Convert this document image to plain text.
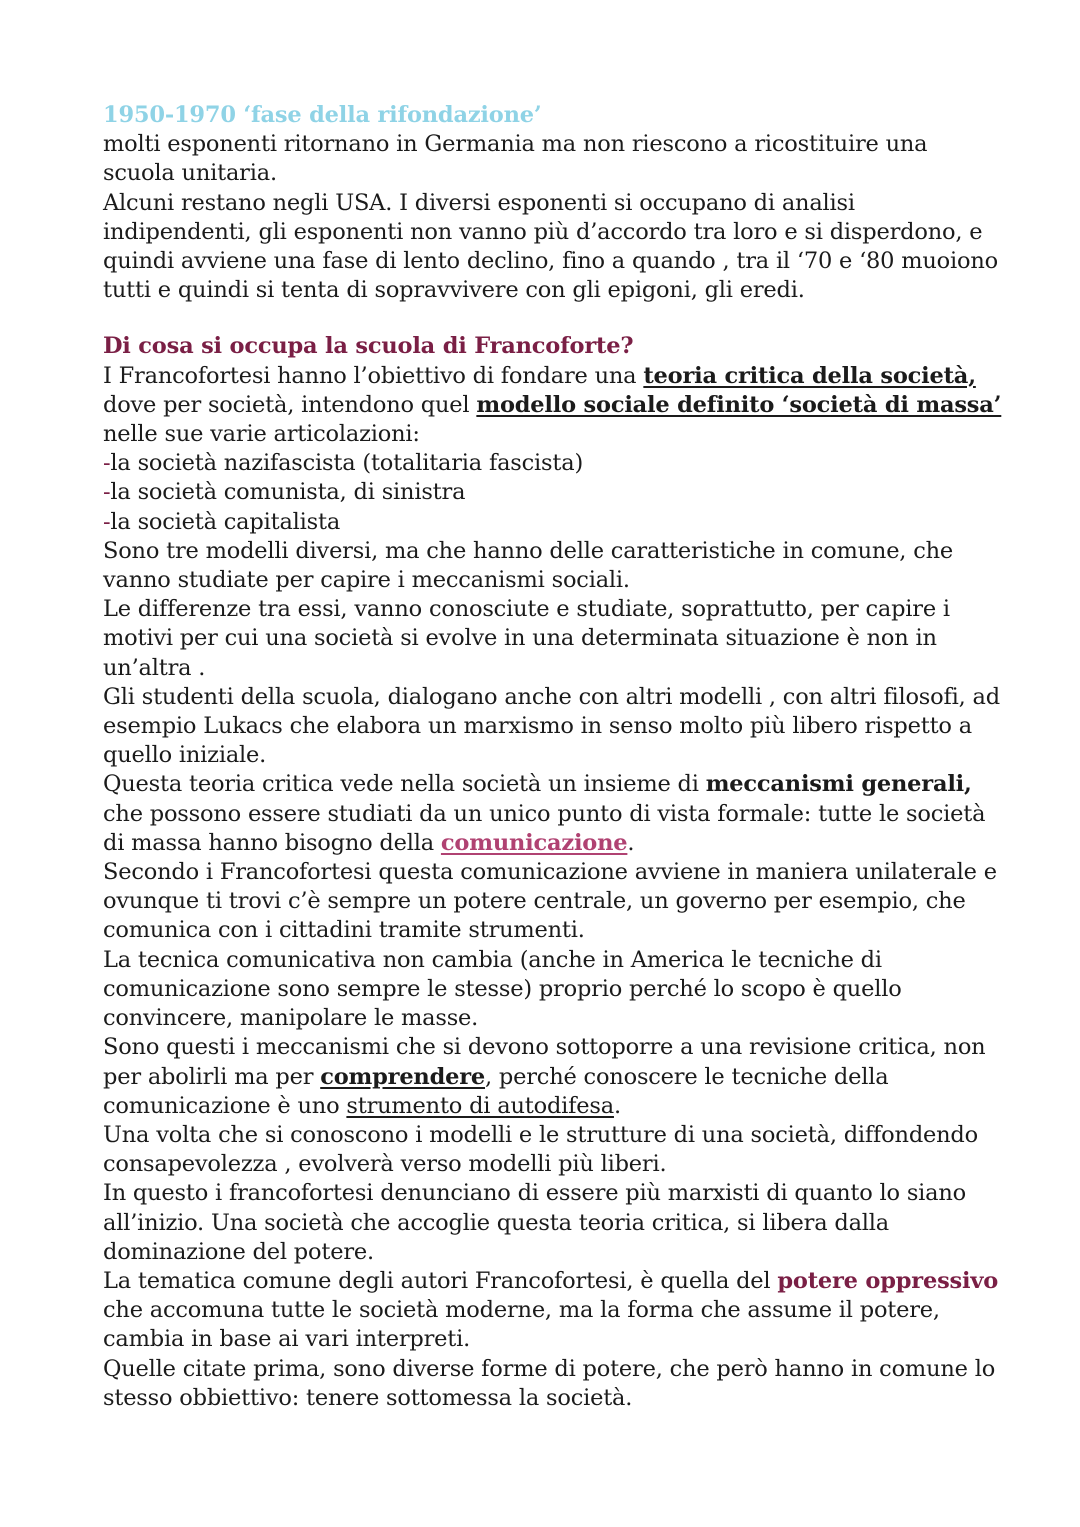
1950-1970 ‘fase della rifondazione’

molti esponenti ritornano in Germania ma non riescono a ricostituire una scuola unitaria.

Alcuni restano negli USA. I diversi esponenti si occupano di analisi indipendenti, gli esponenti non vanno più d’accordo tra loro e si disperdono, e quindi avviene una fase di lento declino, fino a quando , tra il ‘70 e ‘80 muoiono tutti e quindi si tenta di sopravvivere con gli epigoni, gli eredi.

Di cosa si occupa la scuola di Francoforte?

I Francofortesi hanno l’obiettivo di fondare una teoria critica della società, dove per società, intendono quel modello sociale definito ‘società di massa’ nelle sue varie articolazioni:

-la società nazifascista (totalitaria fascista)

-la società comunista, di sinistra

-la società capitalista

Sono tre modelli diversi, ma che hanno delle caratteristiche in comune, che vanno studiate per capire i meccanismi sociali.

Le differenze tra essi, vanno conosciute e studiate, soprattutto, per capire i motivi per cui una società si evolve in una determinata situazione è non in un’altra .

Gli studenti della scuola, dialogano anche con altri modelli , con altri filosofi, ad esempio Lukacs che elabora un marxismo in senso molto più libero rispetto a quello iniziale.

Questa teoria critica vede nella società un insieme di meccanismi generali, che possono essere studiati da un unico punto di vista formale: tutte le società di massa hanno bisogno della comunicazione.

Secondo i Francofortesi questa comunicazione avviene in maniera unilaterale e ovunque ti trovi c’è sempre un potere centrale, un governo per esempio, che comunica con i cittadini tramite strumenti.

La tecnica comunicativa non cambia (anche in America le tecniche di comunicazione sono sempre le stesse) proprio perché lo scopo è quello convincere, manipolare le masse.

Sono questi i meccanismi che si devono sottoporre a una revisione critica, non per abolirli ma per comprendere, perché conoscere le tecniche della comunicazione è uno strumento di autodifesa.

Una volta che si conoscono i modelli e le strutture di una società, diffondendo consapevolezza , evolverà verso modelli più liberi.

In questo i francofortesi denunciano di essere più marxisti di quanto lo siano all’inizio. Una società che accoglie questa teoria critica, si libera dalla dominazione del potere.

La tematica comune degli autori Francofortesi, è quella del potere oppressivo che accomuna tutte le società moderne, ma la forma che assume il potere, cambia in base ai vari interpreti.

Quelle citate prima, sono diverse forme di potere, che però hanno in comune lo stesso obbiettivo: tenere sottomessa la società.
